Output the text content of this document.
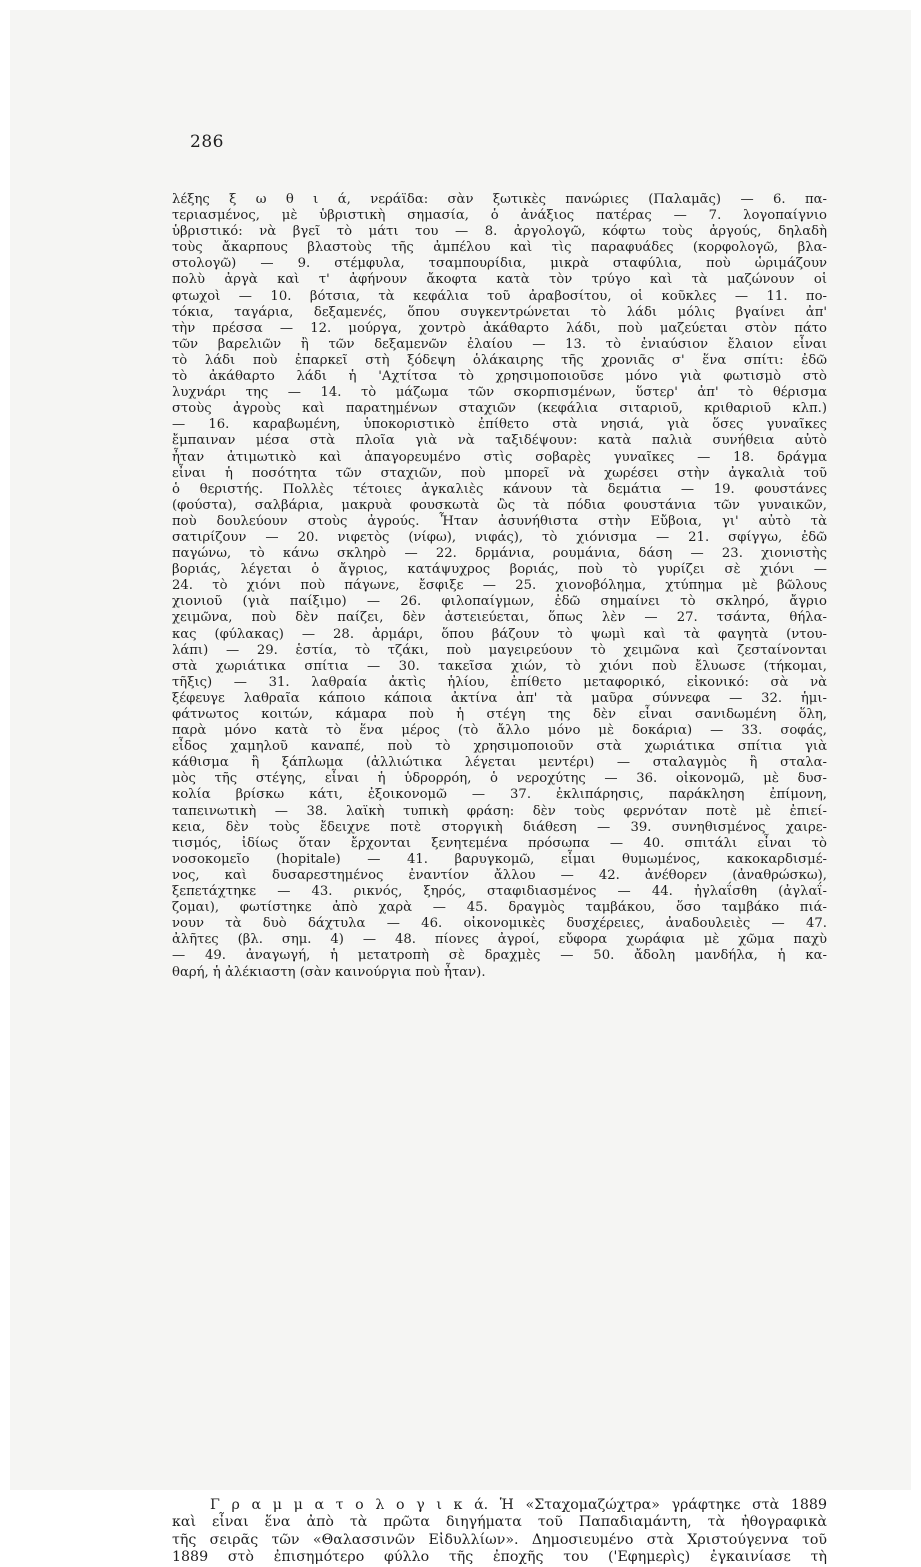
286
λέξης ξ ω θ ι ά, νεράϊδα: σὰν ξωτικὲς πανώριες (Παλαμᾶς) — 6. πα-
τεριασμένος, μὲ ὑβριστικὴ σημασία, ὁ ἀνάξιος πατέρας — 7. λογοπαίγνιο
ὑβριστικό: νὰ βγεῖ τὸ μάτι του — 8. ἀργολογῶ, κόφτω τοὺς ἀργούς, δηλαδὴ
τοὺς ἄκαρπους βλαστοὺς τῆς ἀμπέλου καὶ τὶς παραφυάδες (κορφολογῶ, βλα-
στολογῶ) — 9. στέμφυλα, τσαμπουρίδια, μικρὰ σταφύλια, ποὺ ὡριμάζουν
πολὺ ἀργὰ καὶ τ' ἀφήνουν ἄκοφτα κατὰ τὸν τρύγο καὶ τὰ μαζώνουν οἱ
φτωχοὶ — 10. βότσια, τὰ κεφάλια τοῦ ἀραβοσίτου, οἱ κοῦκλες — 11. πο-
τόκια, ταγάρια, δεξαμενές, ὅπου συγκεντρώνεται τὸ λάδι μόλις βγαίνει ἀπ'
τὴν πρέσσα — 12. μούργα, χοντρὸ ἀκάθαρτο λάδι, ποὺ μαζεύεται στὸν πάτο
τῶν βαρελιῶν ἢ τῶν δεξαμενῶν ἐλαίου — 13. τὸ ἐνιαύσιον ἔλαιον εἶναι
τὸ λάδι ποὺ ἐπαρκεῖ στὴ ξόδεψη ὁλάκαιρης τῆς χρονιᾶς σ' ἕνα σπίτι: ἐδῶ
τὸ ἀκάθαρτο λάδι ἡ 'Αχτίτσα τὸ χρησιμοποιοῦσε μόνο γιὰ φωτισμὸ στὸ
λυχνάρι της — 14. τὸ μάζωμα τῶν σκορπισμένων, ὕστερ' ἀπ' τὸ θέρισμα
στοὺς ἀγροὺς καὶ παρατημένων σταχιῶν (κεφάλια σιταριοῦ, κριθαριοῦ κλπ.)
— 16. καραβωμένη, ὑποκοριστικὸ ἐπίθετο στὰ νησιά, γιὰ ὅσες γυναῖκες
ἔμπαιναν μέσα στὰ πλοῖα γιὰ νὰ ταξιδέψουν: κατὰ παλιὰ συνήθεια αὐτὸ
ἦταν ἀτιμωτικὸ καὶ ἀπαγορευμένο στὶς σοβαρὲς γυναῖκες — 18. δράγμα
εἶναι ἡ ποσότητα τῶν σταχιῶν, ποὺ μπορεῖ νὰ χωρέσει στὴν ἀγκαλιὰ τοῦ
ὁ θεριστής. Πολλὲς τέτοιες ἀγκαλιὲς κάνουν τὰ δεμάτια — 19. φουστάνες
(φούστα), σαλβάρια, μακρυὰ φουσκωτὰ ὣς τὰ πόδια φουστάνια τῶν γυναικῶν,
ποὺ δουλεύουν στοὺς ἀγρούς. Ἦταν ἀσυνήθιστα στὴν Εὔβοια, γι' αὐτὸ τὰ
σατιρίζουν — 20. νιφετὸς (νίφω), νιφάς), τὸ χιόνισμα — 21. σφίγγω, ἐδῶ
παγώνω, τὸ κάνω σκληρὸ — 22. δρμάνια, ρουμάνια, δάση — 23. χιονιστὴς
βοριάς, λέγεται ὁ ἄγριος, κατάψυχρος βοριάς, ποὺ τὸ γυρίζει σὲ χιόνι —
24. τὸ χιόνι ποὺ πάγωνε, ἔσφιξε — 25. χιονοβόλημα, χτύπημα μὲ βῶλους
χιονιοῦ (γιὰ παίξιμο) — 26. φιλοπαίγμων, ἐδῶ σημαίνει τὸ σκληρό, ἄγριο
χειμῶνα, ποὺ δὲν παίζει, δὲν ἀστειεύεται, ὅπως λὲν — 27. τσάντα, θήλα-
κας (φύλακας) — 28. ἀρμάρι, ὅπου βάζουν τὸ ψωμὶ καὶ τὰ φαγητὰ (ντου-
λάπι) — 29. ἑστία, τὸ τζάκι, ποὺ μαγειρεύουν τὸ χειμῶνα καὶ ζεσταίνονται
στὰ χωριάτικα σπίτια — 30. τακεῖσα χιών, τὸ χιόνι ποὺ ἔλυωσε (τήκομαι,
τῆξις) — 31. λαθραία ἀκτὶς ἡλίου, ἐπίθετο μεταφορικό, εἰκονικό: σὰ νὰ
ξέφευγε λαθραῖα κάποιο κάποια ἀκτίνα ἀπ' τὰ μαῦρα σύννεφα — 32. ἡμι-
φάτνωτος κοιτών, κάμαρα ποὺ ἡ στέγη της δὲν εἶναι σανιδωμένη ὅλη,
παρὰ μόνο κατὰ τὸ ἕνα μέρος (τὸ ἄλλο μόνο μὲ δοκάρια) — 33. σοφάς,
εἶδος χαμηλοῦ καναπέ, ποὺ τὸ χρησιμοποιοῦν στὰ χωριάτικα σπίτια γιὰ
κάθισμα ἢ ξάπλωμα (ἀλλιώτικα λέγεται μεντέρι) — σταλαγμὸς ἢ σταλα-
μὸς τῆς στέγης, εἶναι ἡ ὑδρορρόη, ὁ νεροχύτης — 36. οἰκονομῶ, μὲ δυσ-
κολία βρίσκω κάτι, ἐξοικονομῶ — 37. ἐκλιπάρησις, παράκληση ἐπίμονη,
ταπεινωτικὴ — 38. λαϊκὴ τυπικὴ φράση: δὲν τοὺς φερνόταν ποτὲ μὲ ἐπιεί-
κεια, δὲν τοὺς ἔδειχνε ποτὲ στοργικὴ διάθεση — 39. συνηθισμένος χαιρε-
τισμός, ἰδίως ὅταν ἔρχονται ξενητεμένα πρόσωπα — 40. σπιτάλι εἶναι τὸ
νοσοκομεῖο (hopitale) — 41. βαρυγκομῶ, εἶμαι θυμωμένος, κακοκαρδισμέ-
νος, καὶ δυσαρεστημένος ἐναντίον ἄλλου — 42. ἀνέθορεν (ἀναθρώσκω),
ξεπετάχτηκε — 43. ρικνός, ξηρός, σταφιδιασμένος — 44. ἠγλαΐσθη (ἀγλαΐ-
ζομαι), φωτίστηκε ἀπὸ χαρὰ — 45. δραγμὸς ταμβάκου, ὅσο ταμβάκο πιά-
νουν τὰ δυὸ δάχτυλα — 46. οἰκονομικὲς δυσχέρειες, ἀναδουλειὲς — 47.
ἀλῆτες (βλ. σημ. 4) — 48. πίονες ἀγροί, εὔφορα χωράφια μὲ χῶμα παχὺ
— 49. ἀναγωγή, ἡ μετατροπὴ σὲ δραχμὲς — 50. ἄδολη μανδήλα, ἡ κα-
θαρή, ἡ ἀλέκιαστη (σὰν καινούργια ποὺ ἦταν).
Γ ρ α μ μ α τ ο λ ο γ ι κ ά. Ἡ «Σταχομαζώχτρα» γράφτηκε στὰ 1889
καὶ εἶναι ἕνα ἀπὸ τὰ πρῶτα διηγήματα τοῦ Παπαδιαμάντη, τὰ ἠθογραφικὰ
τῆς σειρᾶς τῶν «Θαλασσινῶν Εἰδυλλίων». Δημοσιευμένο στὰ Χριστούγεννα τοῦ
1889 στὸ ἐπισημότερο φύλλο τῆς ἐποχῆς του ('Εφημερὶς) ἐγκαινίασε τὴ
